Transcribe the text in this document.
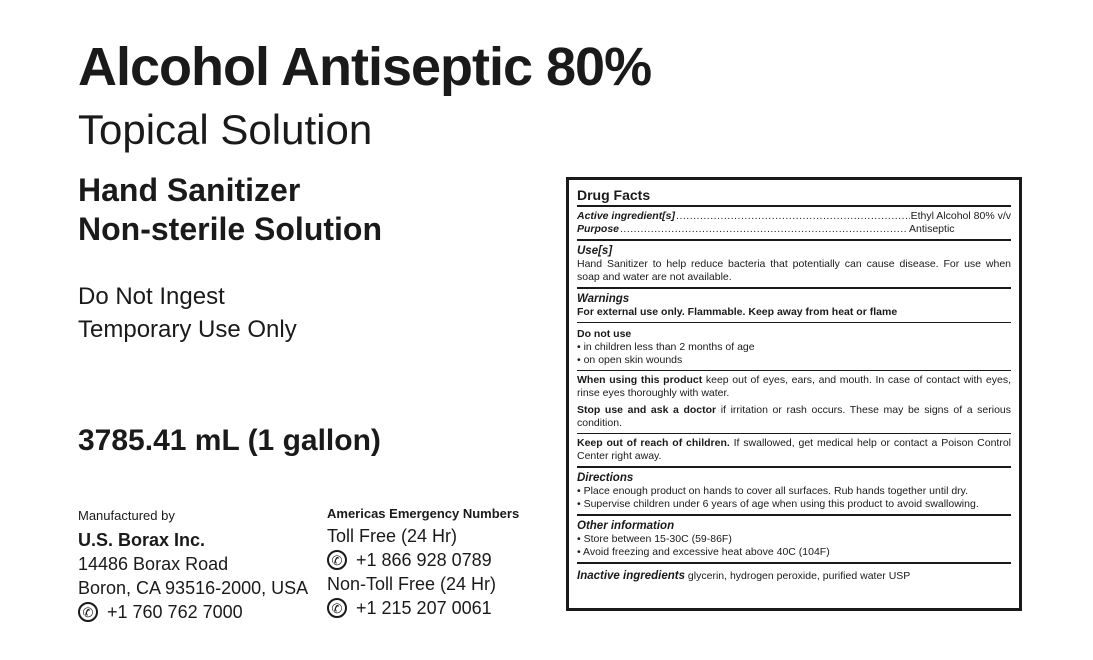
Alcohol Antiseptic 80%
Topical Solution
Hand Sanitizer
Non-sterile Solution
Do Not Ingest
Temporary Use Only
3785.41 mL (1 gallon)
Manufactured by
U.S. Borax Inc.
14486 Borax Road
Boron, CA 93516-2000, USA
✆ +1 760 762 7000
Americas Emergency Numbers
Toll Free (24 Hr)
✆ +1 866 928 0789
Non-Toll Free (24 Hr)
✆ +1 215 207 0061
Drug Facts
Active ingredient[s] .....	Ethyl Alcohol 80% v/v
Purpose .....	Antiseptic
Use[s]
Hand Sanitizer to help reduce bacteria that potentially can cause disease. For use when soap and water are not available.
Warnings
For external use only. Flammable. Keep away from heat or flame
Do not use
• in children less than 2 months of age
• on open skin wounds
When using this product keep out of eyes, ears, and mouth. In case of contact with eyes, rinse eyes thoroughly with water.
Stop use and ask a doctor if irritation or rash occurs. These may be signs of a serious condition.
Keep out of reach of children. If swallowed, get medical help or contact a Poison Control Center right away.
Directions
• Place enough product on hands to cover all surfaces. Rub hands together until dry.
• Supervise children under 6 years of age when using this product to avoid swallowing.
Other information
• Store between 15-30C (59-86F)
• Avoid freezing and excessive heat above 40C (104F)
Inactive ingredients glycerin, hydrogen peroxide, purified water USP
